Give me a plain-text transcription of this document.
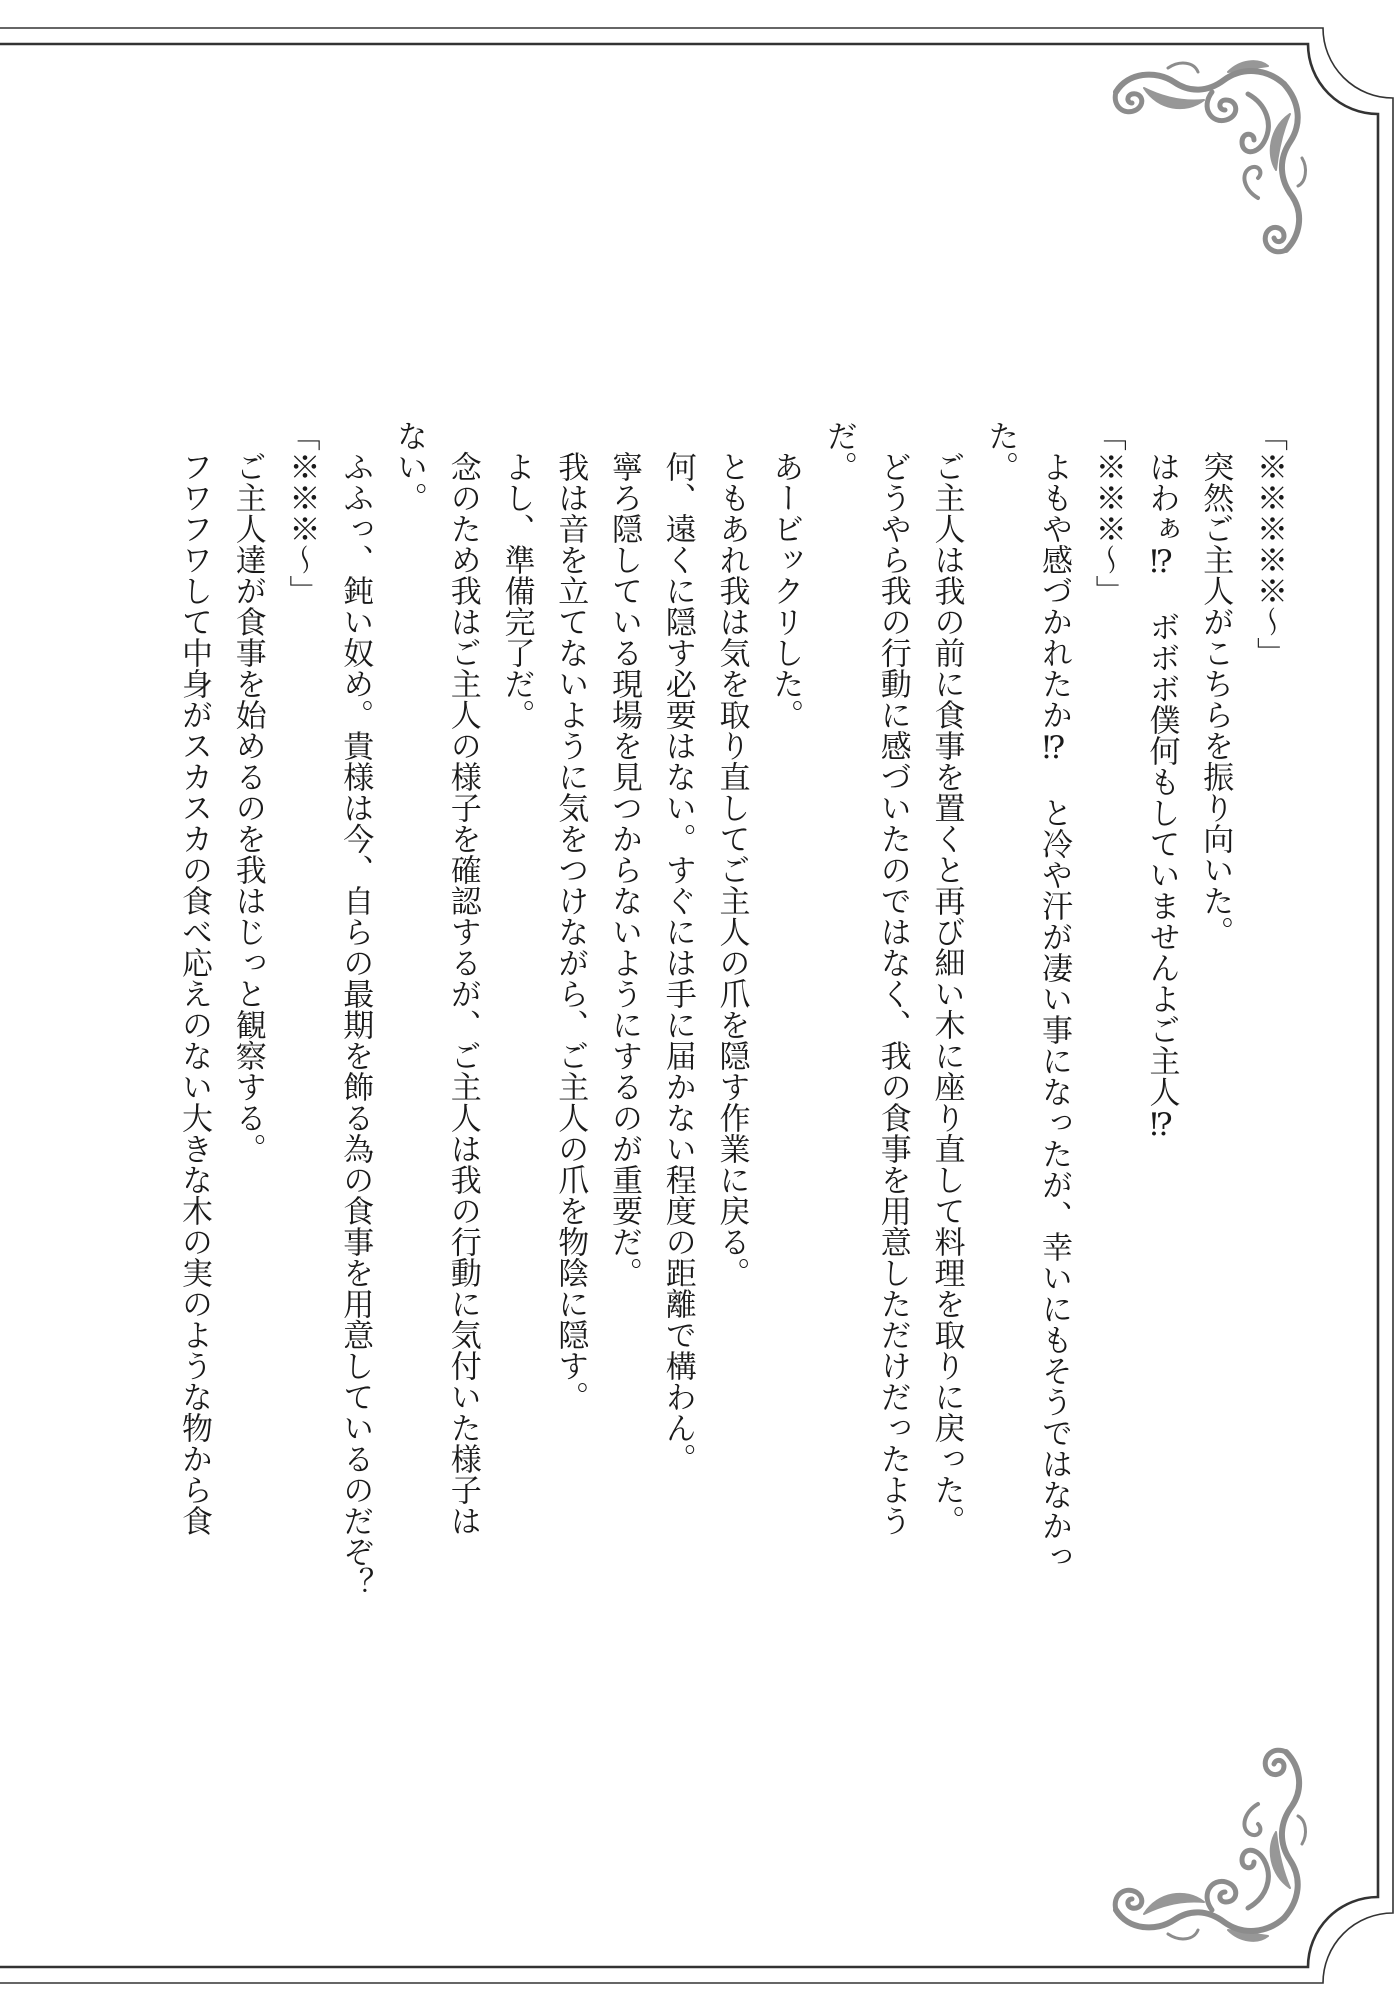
「※※※※※〜」
突然ご主人がこちらを振り向いた。
はわぁ⁉　ボボボ僕何もしていませんよご主人⁉
「※※※〜」
よもや感づかれたか⁉　と冷や汗が凄い事になったが、幸いにもそうではなかっ
た。
ご主人は我の前に食事を置くと再び細い木に座り直して料理を取りに戻った。
どうやら我の行動に感づいたのではなく、我の食事を用意しただけだったよう
だ。
あービックリした。
ともあれ我は気を取り直してご主人の爪を隠す作業に戻る。
何、遠くに隠す必要はない。すぐには手に届かない程度の距離で構わん。
寧ろ隠している現場を見つからないようにするのが重要だ。
我は音を立てないように気をつけながら、ご主人の爪を物陰に隠す。
よし、準備完了だ。
念のため我はご主人の様子を確認するが、ご主人は我の行動に気付いた様子は
ない。
ふふっ、鈍い奴め。貴様は今、自らの最期を飾る為の食事を用意しているのだぞ？
「※※※〜」
ご主人達が食事を始めるのを我はじっと観察する。
フワフワして中身がスカスカの食べ応えのない大きな木の実のような物から食
